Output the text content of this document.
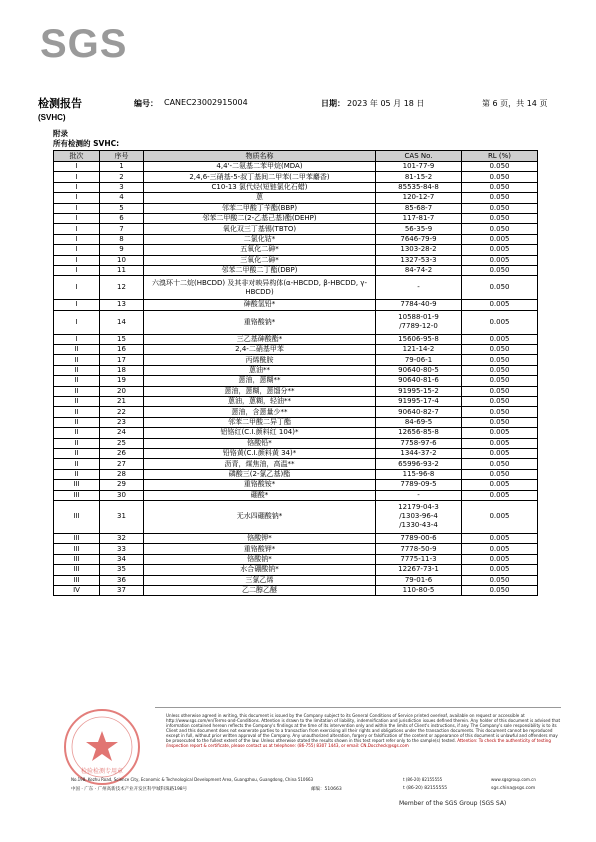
SGS
检测报告	编号： CANEC23002915004	日期： 2023 年 05 月 18 日	第 6 页，共 14 页
(SVHC)
附录
所有检测的 SVHC:
批次	序号	物质名称	CAS No.	RL (%)
I	1	4,4'-二氨基二苯甲烷(MDA)	101-77-9	0.050
I	2	2,4,6-三硝基-5-叔丁基间二甲苯(二甲苯麝香)	81-15-2	0.050
I	3	C10-13 氯代烃(短链氯化石蜡)	85535-84-8	0.050
I	4	蒽	120-12-7	0.050
I	5	邻苯二甲酸丁苄酯(BBP)	85-68-7	0.050
I	6	邻苯二甲酸二(2-乙基己基)酯(DEHP)	117-81-7	0.050
I	7	氧化双三丁基锡(TBTO)	56-35-9	0.050
I	8	二氯化钴*	7646-79-9	0.005
I	9	五氧化二砷*	1303-28-2	0.005
I	10	三氧化二砷*	1327-53-3	0.005
I	11	邻苯二甲酸二丁酯(DBP)	84-74-2	0.050
I	12	六溴环十二烷(HBCDD) 及其非对映异构体(α-HBCDD, β-HBCDD, γ-HBCDD)	-	0.050
I	13	砷酸氢铅*	7784-40-9	0.005
I	14	重铬酸钠*	10588-01-9
/7789-12-0	0.005
I	15	三乙基砷酸酯*	15606-95-8	0.005
II	16	2,4-二硝基甲苯	121-14-2	0.050
II	17	丙烯酰胺	79-06-1	0.050
II	18	蒽油**	90640-80-5	0.050
II	19	蒽油，蒽糊**	90640-81-6	0.050
II	20	蒽油，蒽糊，蒽馏分**	91995-15-2	0.050
II	21	蒽油，蒽糊，轻油**	91995-17-4	0.050
II	22	蒽油，含蒽量少**	90640-82-7	0.050
II	23	邻苯二甲酸二异丁酯	84-69-5	0.050
II	24	铝铬红(C.I.颜料红 104)*	12656-85-8	0.005
II	25	铬酸铅*	7758-97-6	0.005
II	26	铅铬黄(C.I.颜料黄 34)*	1344-37-2	0.005
II	27	沥青，煤焦油，高温**	65996-93-2	0.050
II	28	磷酸三(2-氯乙基)酯	115-96-8	0.050
III	29	重铬酸铵*	7789-09-5	0.005
III	30	硼酸*	-	0.005
III	31	无水四硼酸钠*	12179-04-3
/1303-96-4
/1330-43-4	0.005
III	32	铬酸钾*	7789-00-6	0.005
III	33	重铬酸钾*	7778-50-9	0.005
III	34	铬酸钠*	7775-11-3	0.005
III	35	水合硼酸钠*	12267-73-1	0.005
III	36	三氯乙烯	79-01-6	0.050
IV	37	乙二醇乙醚	110-80-5	0.050
检验检测专用章
Unless otherwise agreed in writing, this document is issued by the Company subject to its General Conditions of Service printed overleaf, available on request or accessible at http://www.sgs.com/en/Terms-and-Conditions. Attention is drawn to the limitation of liability, indemnification and jurisdiction issues defined therein. Any holder of this document is advised that information contained hereon reflects the Company's findings at the time of its intervention only and within the limits of Client's instructions, if any. The Company's sole responsibility is to its Client and this document does not exonerate parties to a transaction from exercising all their rights and obligations under the transaction documents. This document cannot be reproduced except in full, without prior written approval of the Company. Any unauthorized alteration, forgery or falsification of the content or appearance of this document is unlawful and offenders may be prosecuted to the fullest extent of the law. Unless otherwise stated the results shown in this test report refer only to the sample(s) tested. Attention: To check the authenticity of testing /inspection report & certificate, please contact us at telephone: (86-755) 8307 1443, or email: CN.Doccheck@sgs.com
No.198, Kezhu Road, Science City, Economic & Technological Development Area, Guangzhou, Guangdong, China 510663	t (86-20) 82155555	www.sgsgroup.com.cn
中国 · 广东 · 广州高新技术产业开发区科学城科珠路198号	邮编：510663	t (86-20) 82155555	sgs.china@sgs.com
Member of the SGS Group (SGS SA)
